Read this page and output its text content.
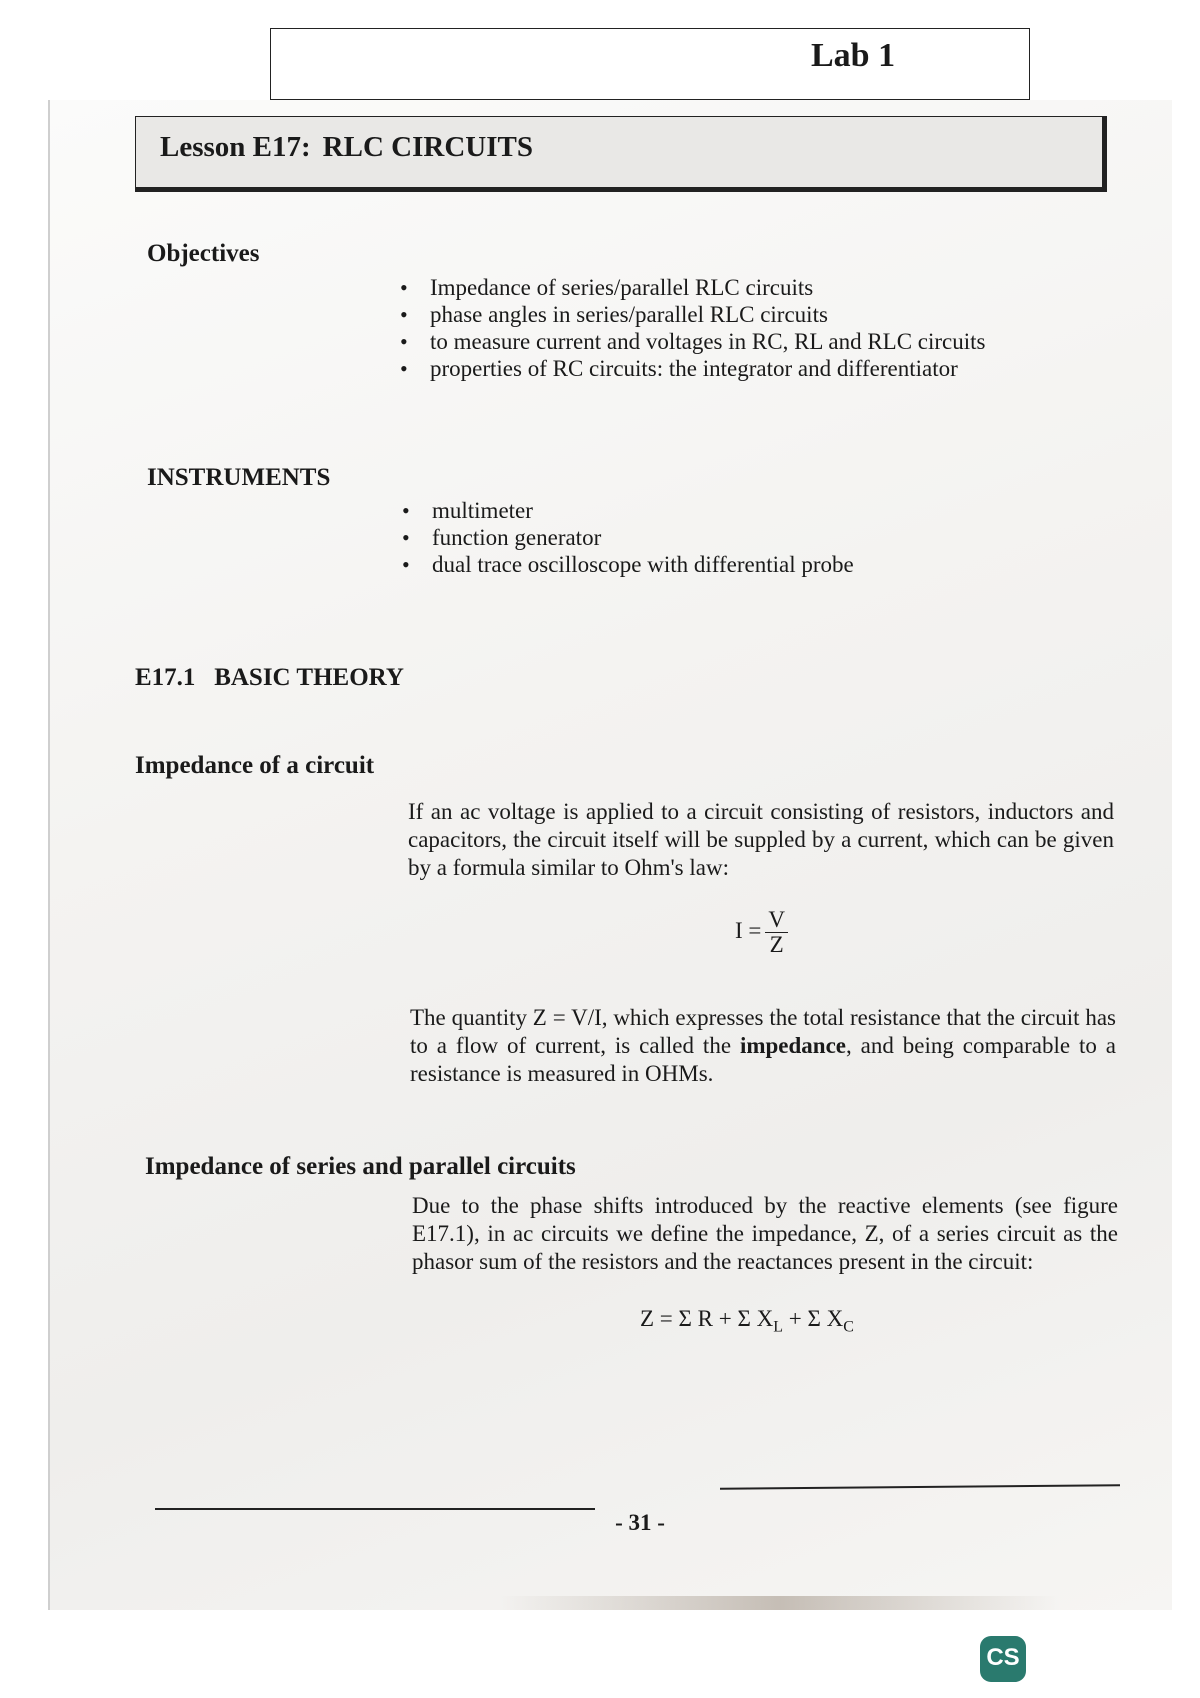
Lab 1
Lesson E17: RLC CIRCUITS
Objectives
• Impedance of series/parallel RLC circuits
• phase angles in series/parallel RLC circuits
• to measure current and voltages in RC, RL and RLC circuits
• properties of RC circuits: the integrator and differentiator
INSTRUMENTS
• multimeter
• function generator
• dual trace oscilloscope with differential probe
E17.1 BASIC THEORY
Impedance of a circuit
If an ac voltage is applied to a circuit consisting of resistors, inductors and capacitors, the circuit itself will be suppled by a current, which can be given by a formula similar to Ohm's law:
$I = \frac{V}{Z}$
The quantity Z = V/I, which expresses the total resistance that the circuit has to a flow of current, is called the impedance, and being comparable to a resistance is measured in OHMs.
Impedance of series and parallel circuits
Due to the phase shifts introduced by the reactive elements (see figure E17.1), in ac circuits we define the impedance, Z, of a series circuit as the phasor sum of the resistors and the reactances present in the circuit:
Z = Σ R + Σ $X_L + \Sigma$ $X_C$
- 31 -
CS
